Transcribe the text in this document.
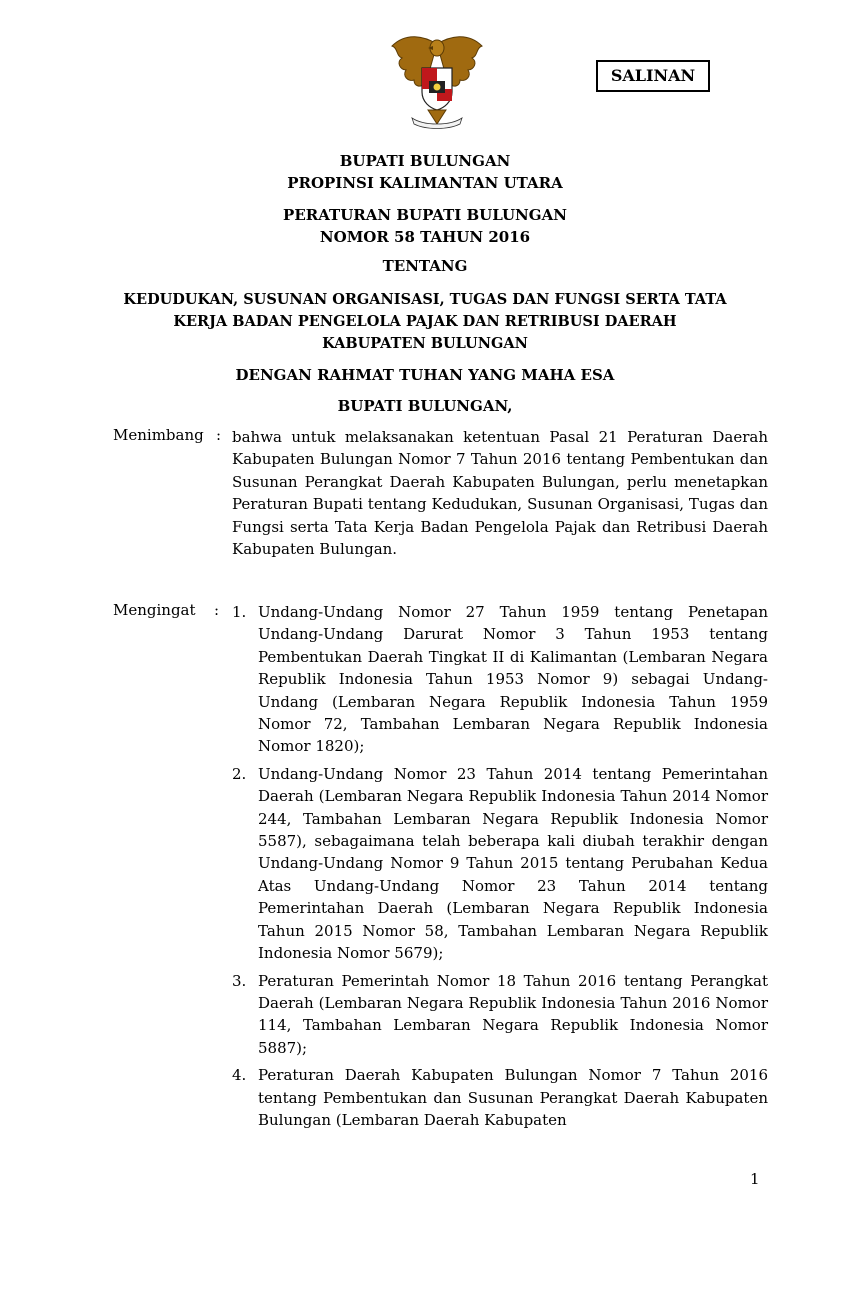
SALINAN
BUPATI BULUNGAN
PROPINSI KALIMANTAN UTARA
PERATURAN BUPATI BULUNGAN
NOMOR 58 TAHUN 2016
TENTANG
KEDUDUKAN, SUSUNAN ORGANISASI, TUGAS DAN FUNGSI SERTA TATA
KERJA BADAN PENGELOLA PAJAK DAN RETRIBUSI DAERAH
KABUPATEN BULUNGAN
DENGAN RAHMAT TUHAN YANG MAHA ESA
BUPATI BULUNGAN,
Menimbang : bahwa untuk melaksanakan ketentuan Pasal 21 Peraturan Daerah Kabupaten Bulungan Nomor 7 Tahun 2016 tentang Pembentukan dan Susunan Perangkat Daerah Kabupaten Bulungan, perlu menetapkan Peraturan Bupati tentang Kedudukan, Susunan Organisasi, Tugas dan Fungsi serta Tata Kerja Badan Pengelola Pajak dan Retribusi Daerah Kabupaten Bulungan.
Mengingat : 1. Undang-Undang Nomor 27 Tahun 1959 tentang Penetapan Undang-Undang Darurat Nomor 3 Tahun 1953 tentang Pembentukan Daerah Tingkat II di Kalimantan (Lembaran Negara Republik Indonesia Tahun 1953 Nomor 9) sebagai Undang-Undang (Lembaran Negara Republik Indonesia Tahun 1959 Nomor 72, Tambahan Lembaran Negara Republik Indonesia Nomor 1820);
2. Undang-Undang Nomor 23 Tahun 2014 tentang Pemerintahan Daerah (Lembaran Negara Republik Indonesia Tahun 2014 Nomor 244, Tambahan Lembaran Negara Republik Indonesia Nomor 5587), sebagaimana telah beberapa kali diubah terakhir dengan Undang-Undang Nomor 9 Tahun 2015 tentang Perubahan Kedua Atas Undang-Undang Nomor 23 Tahun 2014 tentang Pemerintahan Daerah (Lembaran Negara Republik Indonesia Tahun 2015 Nomor 58, Tambahan Lembaran Negara Republik Indonesia Nomor 5679);
3. Peraturan Pemerintah Nomor 18 Tahun 2016 tentang Perangkat Daerah (Lembaran Negara Republik Indonesia Tahun 2016 Nomor 114, Tambahan Lembaran Negara Republik Indonesia Nomor 5887);
4. Peraturan Daerah Kabupaten Bulungan Nomor 7 Tahun 2016 tentang Pembentukan dan Susunan Perangkat Daerah Kabupaten Bulungan (Lembaran Daerah Kabupaten
1
